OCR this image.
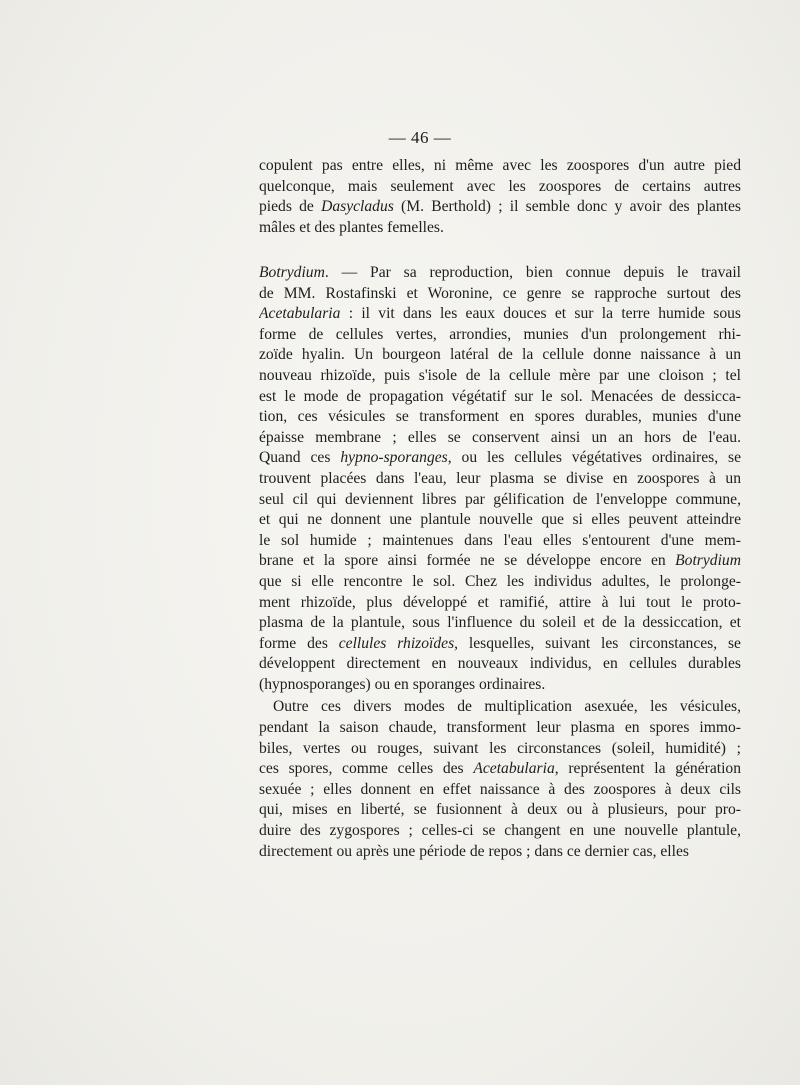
— 46 —
copulent pas entre elles, ni même avec les zoospores d'un autre pied
quelconque, mais seulement avec les zoospores de certains autres
pieds de Dasycladus (M. Berthold) ; il semble donc y avoir des plantes
mâles et des plantes femelles.
Botrydium. — Par sa reproduction, bien connue depuis le travail
de MM. Rostafinski et Woronine, ce genre se rapproche surtout des
Acetabularia : il vit dans les eaux douces et sur la terre humide sous
forme de cellules vertes, arrondies, munies d'un prolongement rhi-
zoïde hyalin. Un bourgeon latéral de la cellule donne naissance à un
nouveau rhizoïde, puis s'isole de la cellule mère par une cloison ; tel
est le mode de propagation végétatif sur le sol. Menacées de dessicca-
tion, ces vésicules se transforment en spores durables, munies d'une
épaisse membrane ; elles se conservent ainsi un an hors de l'eau.
Quand ces hypno-sporanges, ou les cellules végétatives ordinaires, se
trouvent placées dans l'eau, leur plasma se divise en zoospores à un
seul cil qui deviennent libres par gélification de l'enveloppe commune,
et qui ne donnent une plantule nouvelle que si elles peuvent atteindre
le sol humide ; maintenues dans l'eau elles s'entourent d'une mem-
brane et la spore ainsi formée ne se développe encore en Botrydium
que si elle rencontre le sol. Chez les individus adultes, le prolonge-
ment rhizoïde, plus développé et ramifié, attire à lui tout le proto-
plasma de la plantule, sous l'influence du soleil et de la dessiccation, et
forme des cellules rhizoïdes, lesquelles, suivant les circonstances, se
développent directement en nouveaux individus, en cellules durables
(hypnosporanges) ou en sporanges ordinaires.
Outre ces divers modes de multiplication asexuée, les vésicules,
pendant la saison chaude, transforment leur plasma en spores immo-
biles, vertes ou rouges, suivant les circonstances (soleil, humidité) ;
ces spores, comme celles des Acetabularia, représentent la génération
sexuée ; elles donnent en effet naissance à des zoospores à deux cils
qui, mises en liberté, se fusionnent à deux ou à plusieurs, pour pro-
duire des zygospores ; celles-ci se changent en une nouvelle plantule,
directement ou après une période de repos ; dans ce dernier cas, elles
